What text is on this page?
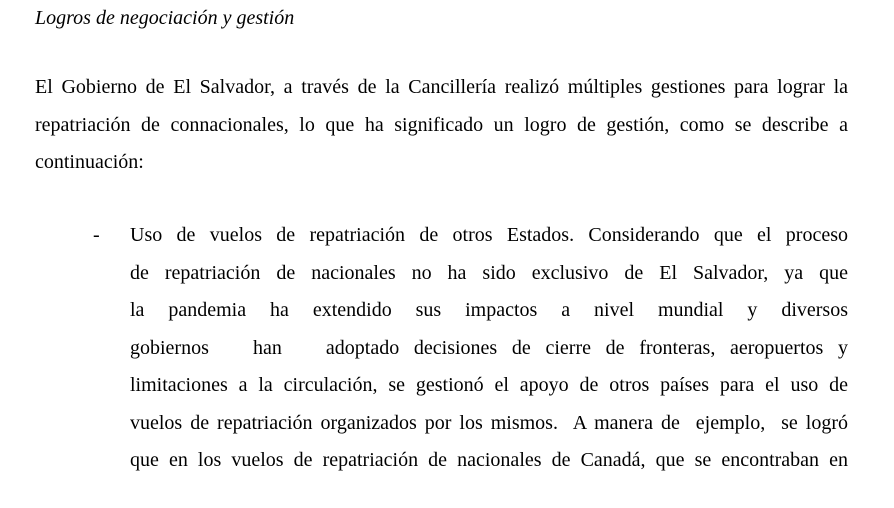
Logros de negociación y gestión
El Gobierno de El Salvador, a través de la Cancillería realizó múltiples gestiones para lograr la
repatriación de connacionales, lo que ha significado un logro de gestión, como se describe a
continuación:
- Uso de vuelos de repatriación de otros Estados. Considerando que el proceso
de repatriación de nacionales no ha sido exclusivo de El Salvador, ya que
la pandemia ha extendido sus impactos a nivel mundial y diversos
gobiernos   han   adoptado decisiones de cierre de fronteras, aeropuertos y
limitaciones a la circulación, se gestionó el apoyo de otros países para el uso de
vuelos de repatriación organizados por los mismos.  A manera de  ejemplo,  se logró
que en los vuelos de repatriación de nacionales de Canadá, que se encontraban en
